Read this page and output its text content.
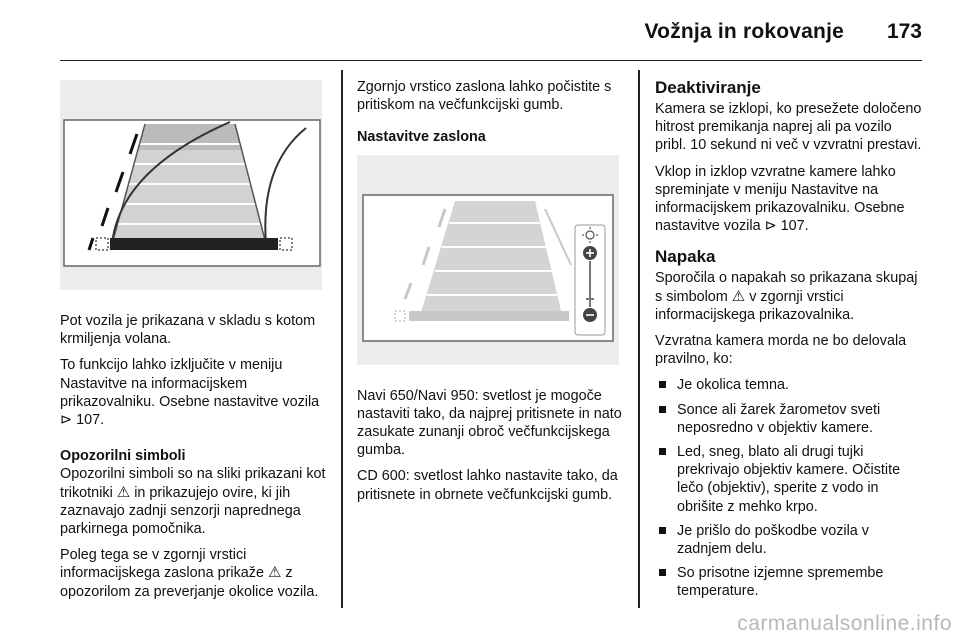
Vožnja in rokovanje 173

Pot vozila je prikazana v skladu s kotom krmiljenja volana.

To funkcijo lahko izključite v meniju Nastavitve na informacijskem prikazovalniku. Osebne nastavitve vozila ⊳ 107.

Opozorilni simboli

Opozorilni simboli so na sliki prikazani kot trikotniki ⚠ in prikazujejo ovire, ki jih zaznavajo zadnji senzorji naprednega parkirnega pomočnika.

Poleg tega se v zgornji vrstici informacijskega zaslona prikaže ⚠ z opozorilom za preverjanje okolice vozila.

Zgornjo vrstico zaslona lahko počistite s pritiskom na večfunkcijski gumb.

Nastavitve zaslona

Navi 650/Navi 950: svetlost je mogoče nastaviti tako, da najprej pritisnete in nato zasukate zunanji obroč večfunkcijskega gumba.

CD 600: svetlost lahko nastavite tako, da pritisnete in obrnete večfunkcijski gumb.

Deaktiviranje

Kamera se izklopi, ko presežete določeno hitrost premikanja naprej ali pa vozilo pribl. 10 sekund ni več v vzvratni prestavi.

Vklop in izklop vzvratne kamere lahko spreminjate v meniju Nastavitve na informacijskem prikazovalniku. Osebne nastavitve vozila ⊳ 107.

Napaka

Sporočila o napakah so prikazana skupaj s simbolom ⚠ v zgornji vrstici informacijskega prikazovalnika.

Vzvratna kamera morda ne bo delovala pravilno, ko:

Je okolica temna.
Sonce ali žarek žarometov sveti neposredno v objektiv kamere.
Led, sneg, blato ali drugi tujki prekrivajo objektiv kamere. Očistite lečo (objektiv), sperite z vodo in obrišite z mehko krpo.
Je prišlo do poškodbe vozila v zadnjem delu.
So prisotne izjemne spremembe temperature.
carmanualsonline.info
